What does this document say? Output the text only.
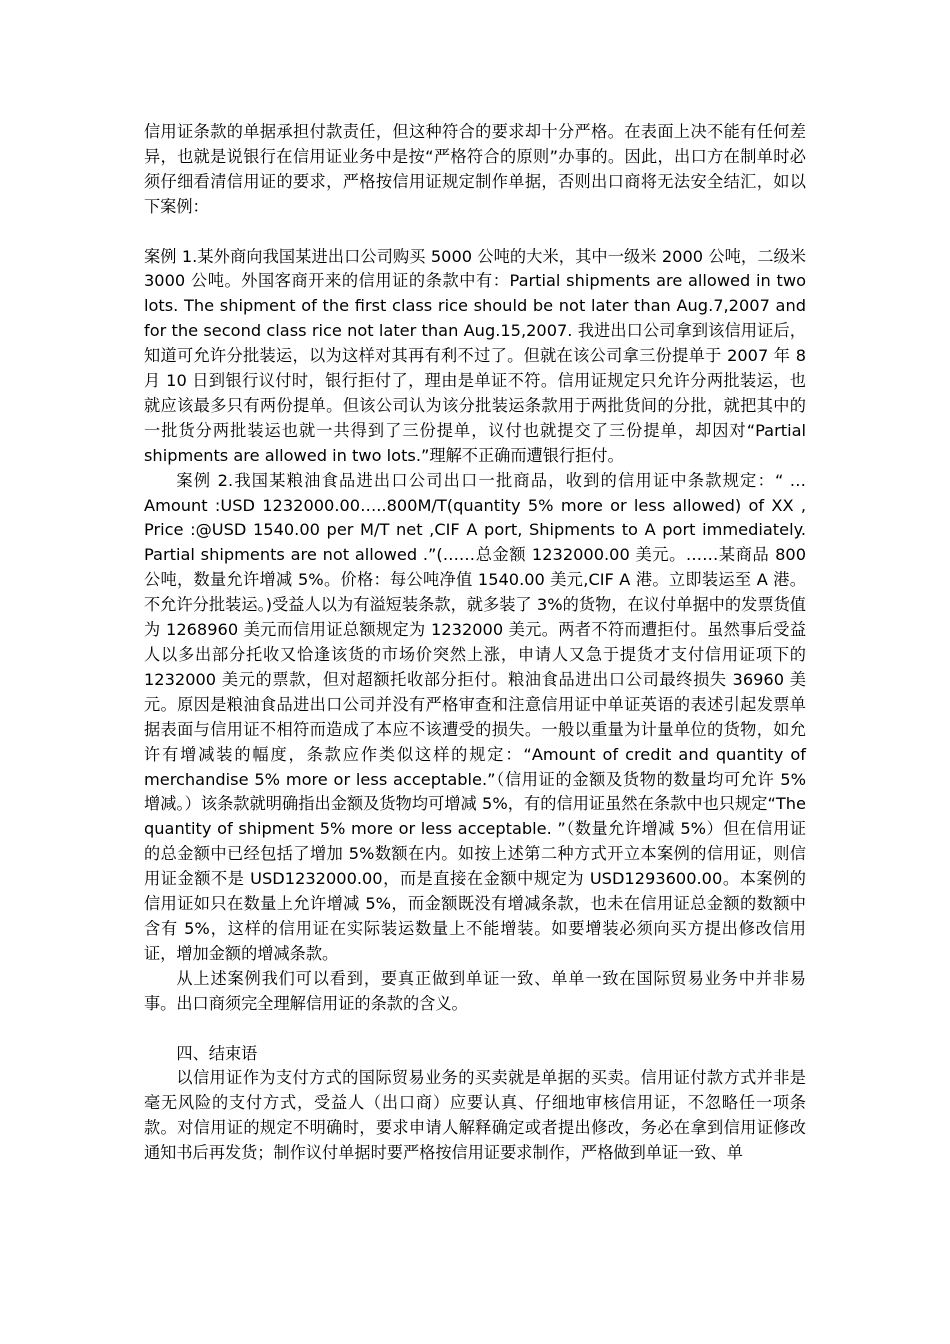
信用证条款的单据承担付款责任，但这种符合的要求却十分严格。在表面上决不能有任何差异，也就是说银行在信用证业务中是按“严格符合的原则”办事的。因此，出口方在制单时必须仔细看清信用证的要求，严格按信用证规定制作单据，否则出口商将无法安全结汇，如以下案例：

案例 1.某外商向我国某进出口公司购买 5000 公吨的大米，其中一级米 2000 公吨，二级米 3000 公吨。外国客商开来的信用证的条款中有：Partial shipments are allowed in two lots. The shipment of the first class rice should be not later than Aug.7,2007 and for the second class rice not later than Aug.15,2007. 我进出口公司拿到该信用证后，知道可允许分批装运，以为这样对其再有利不过了。但就在该公司拿三份提单于 2007 年 8 月 10 日到银行议付时，银行拒付了，理由是单证不符。信用证规定只允许分两批装运，也就应该最多只有两份提单。但该公司认为该分批装运条款用于两批货间的分批，就把其中的一批货分两批装运也就一共得到了三份提单，议付也就提交了三份提单，却因对“Partial shipments are allowed in two lots.”理解不正确而遭银行拒付。

案例 2.我国某粮油食品进出口公司出口一批商品，收到的信用证中条款规定：“ …Amount :USD 1232000.00…..800M/T(quantity 5% more or less allowed) of XX , Price :@USD 1540.00 per M/T net ,CIF A port, Shipments to A port immediately. Partial shipments are not allowed .”(……总金额 1232000.00 美元。……某商品 800 公吨，数量允许增减 5%。价格：每公吨净值 1540.00 美元,CIF A 港。立即装运至 A 港。不允许分批装运。)受益人以为有溢短装条款，就多装了 3%的货物，在议付单据中的发票货值为 1268960 美元而信用证总额规定为 1232000 美元。两者不符而遭拒付。虽然事后受益人以多出部分托收又恰逢该货的市场价突然上涨，申请人又急于提货才支付信用证项下的 1232000 美元的票款，但对超额托收部分拒付。粮油食品进出口公司最终损失 36960 美元。原因是粮油食品进出口公司并没有严格审查和注意信用证中单证英语的表述引起发票单据表面与信用证不相符而造成了本应不该遭受的损失。一般以重量为计量单位的货物，如允许有增减装的幅度，条款应作类似这样的规定：“Amount of credit and quantity of merchandise 5% more or less acceptable.”（信用证的金额及货物的数量均可允许 5%增减。）该条款就明确指出金额及货物均可增减 5%，有的信用证虽然在条款中也只规定“The quantity of shipment 5% more or less acceptable. ”（数量允许增减 5%）但在信用证的总金额中已经包括了增加 5%数额在内。如按上述第二种方式开立本案例的信用证，则信用证金额不是 USD1232000.00，而是直接在金额中规定为 USD1293600.00。本案例的信用证如只在数量上允许增减 5%，而金额既没有增减条款，也未在信用证总金额的数额中含有 5%，这样的信用证在实际装运数量上不能增装。如要增装必须向买方提出修改信用证，增加金额的增减条款。

从上述案例我们可以看到，要真正做到单证一致、单单一致在国际贸易业务中并非易事。出口商须完全理解信用证的条款的含义。

四、结束语

以信用证作为支付方式的国际贸易业务的买卖就是单据的买卖。信用证付款方式并非是毫无风险的支付方式，受益人（出口商）应要认真、仔细地审核信用证，不忽略任一项条款。对信用证的规定不明确时，要求申请人解释确定或者提出修改，务必在拿到信用证修改通知书后再发货；制作议付单据时要严格按信用证要求制作，严格做到单证一致、单
